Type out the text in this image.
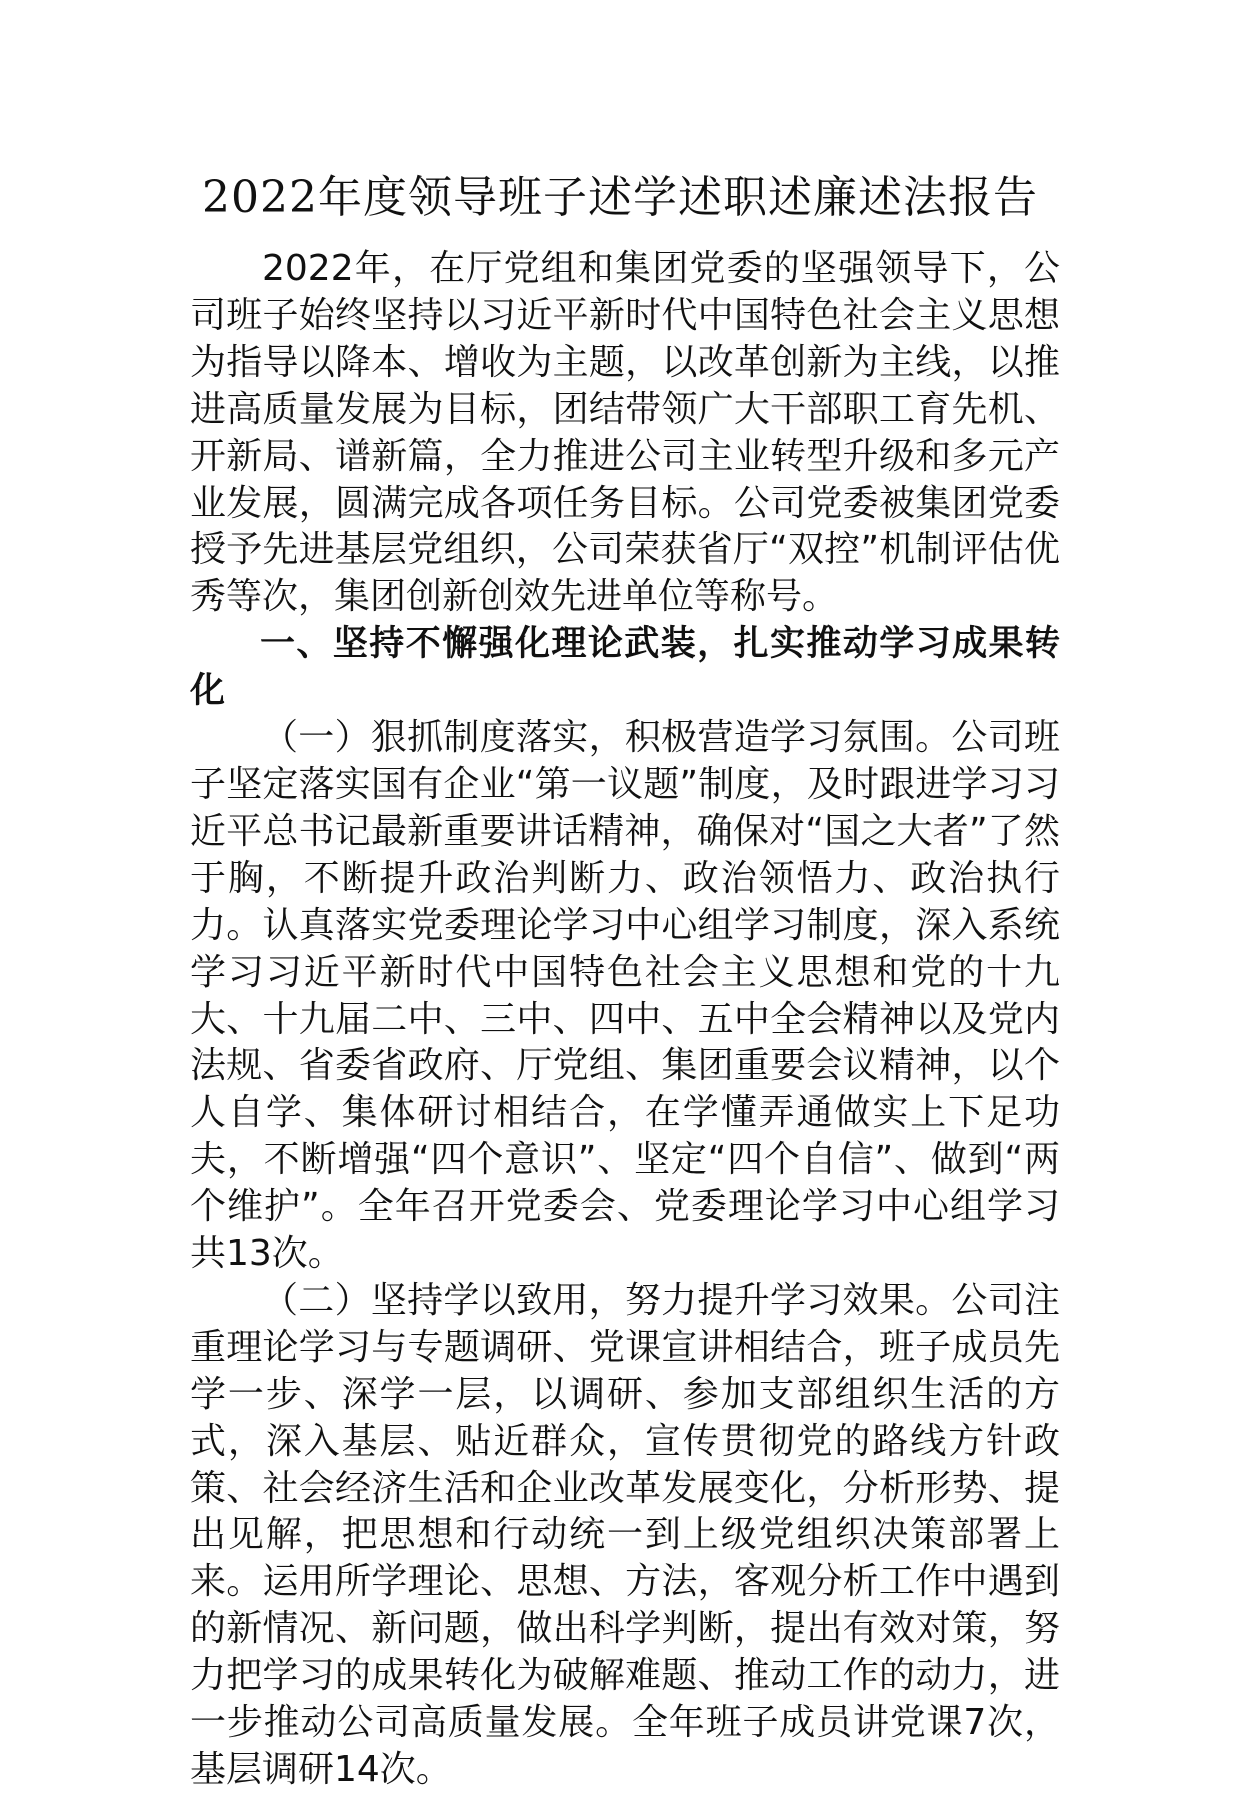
2022年度领导班子述学述职述廉述法报告

2022年，在厅党组和集团党委的坚强领导下，公司班子始终坚持以习近平新时代中国特色社会主义思想为指导以降本、增收为主题，以改革创新为主线，以推进高质量发展为目标，团结带领广大干部职工育先机、开新局、谱新篇，全力推进公司主业转型升级和多元产业发展，圆满完成各项任务目标。公司党委被集团党委授予先进基层党组织，公司荣获省厅“双控”机制评估优秀等次，集团创新创效先进单位等称号。

一、坚持不懈强化理论武装，扎实推动学习成果转化

（一）狠抓制度落实，积极营造学习氛围。公司班子坚定落实国有企业“第一议题”制度，及时跟进学习习近平总书记最新重要讲话精神，确保对“国之大者”了然于胸，不断提升政治判断力、政治领悟力、政治执行力。认真落实党委理论学习中心组学习制度，深入系统学习习近平新时代中国特色社会主义思想和党的十九大、十九届二中、三中、四中、五中全会精神以及党内法规、省委省政府、厅党组、集团重要会议精神，以个人自学、集体研讨相结合，在学懂弄通做实上下足功夫，不断增强“四个意识”、坚定“四个自信”、做到“两个维护”。全年召开党委会、党委理论学习中心组学习共13次。

（二）坚持学以致用，努力提升学习效果。公司注重理论学习与专题调研、党课宣讲相结合，班子成员先学一步、深学一层，以调研、参加支部组织生活的方式，深入基层、贴近群众，宣传贯彻党的路线方针政策、社会经济生活和企业改革发展变化，分析形势、提出见解，把思想和行动统一到上级党组织决策部署上来。运用所学理论、思想、方法，客观分析工作中遇到的新情况、新问题，做出科学判断，提出有效对策，努力把学习的成果转化为破解难题、推动工作的动力，进一步推动公司高质量发展。全年班子成员讲党课7次，基层调研14次。
